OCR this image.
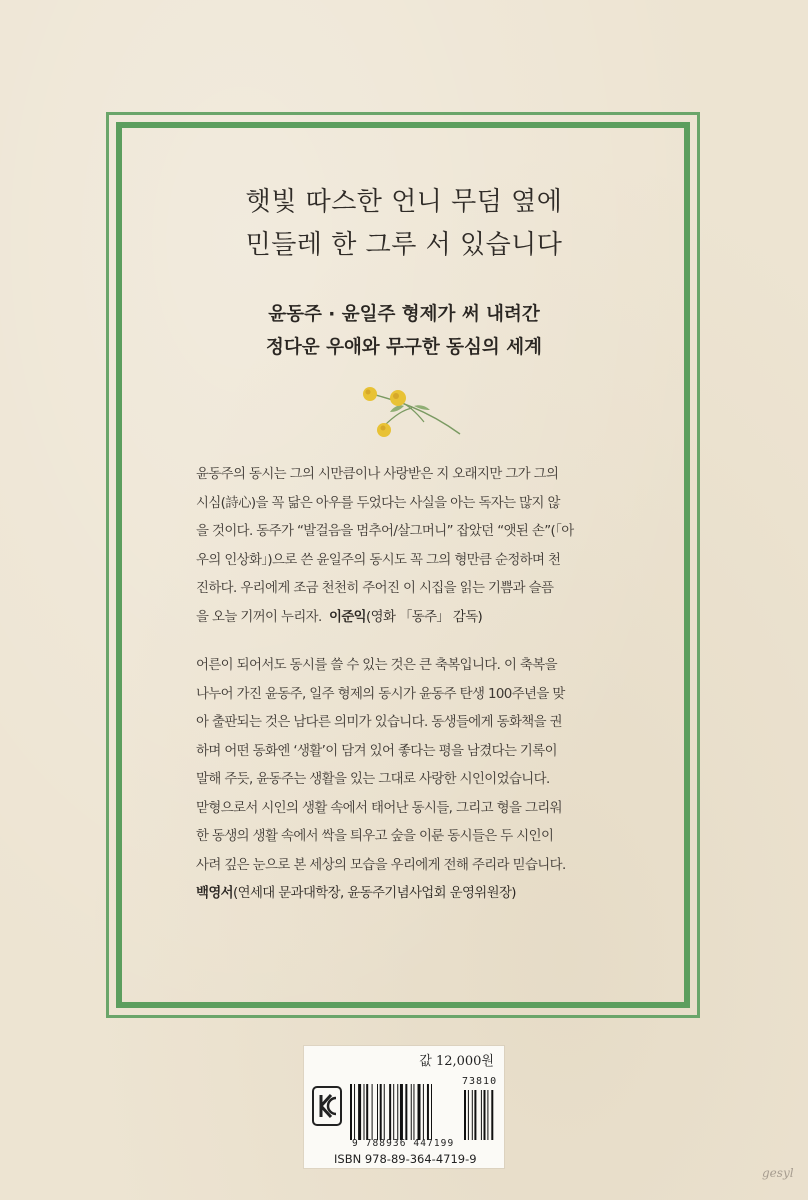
햇빛 따스한 언니 무덤 옆에
민들레 한 그루 서 있습니다
윤동주 · 윤일주 형제가 써 내려간
정다운 우애와 무구한 동심의 세계
윤동주의 동시는 그의 시만큼이나 사랑받은 지 오래지만 그가 그의
시심(詩心)을 꼭 닮은 아우를 두었다는 사실을 아는 독자는 많지 않
을 것이다. 동주가 “발걸음을 멈추어/살그머니” 잡았던 “앳된 손”(「아
우의 인상화」)으로 쓴 윤일주의 동시도 꼭 그의 형만큼 순정하며 천
진하다. 우리에게 조금 천천히 주어진 이 시집을 읽는 기쁨과 슬픔
을 오늘 기꺼이 누리자. 이준익(영화 「동주」 감독)
어른이 되어서도 동시를 쓸 수 있는 것은 큰 축복입니다. 이 축복을
나누어 가진 윤동주, 일주 형제의 동시가 윤동주 탄생 100주년을 맞
아 출판되는 것은 남다른 의미가 있습니다. 동생들에게 동화책을 권
하며 어떤 동화엔 ‘생활’이 담겨 있어 좋다는 평을 남겼다는 기록이
말해 주듯, 윤동주는 생활을 있는 그대로 사랑한 시인이었습니다.
맏형으로서 시인의 생활 속에서 태어난 동시들, 그리고 형을 그리워
한 동생의 생활 속에서 싹을 틔우고 숲을 이룬 동시들은 두 시인이
사려 깊은 눈으로 본 세상의 모습을 우리에게 전해 주리라 믿습니다.
백영서(연세대 문과대학장, 윤동주기념사업회 운영위원장)
값 12,000원
73810
9 788936 447199
ISBN 978-89-364-4719-9
gesyl
